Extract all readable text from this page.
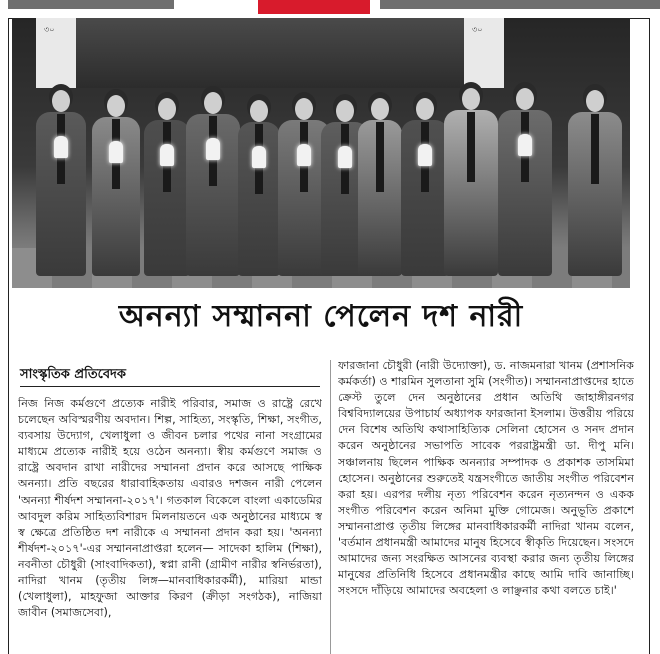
৩০	৩০
অনন্যা সম্মাননা পেলেন দশ নারী
সাংস্কৃতিক প্রতিবেদক

নিজ নিজ কর্মগুণে প্রত্যেক নারীই পরিবার, সমাজ ও রাষ্ট্রে রেখে চলেছেন অবিস্মরণীয় অবদান। শিল্প, সাহিত্য, সংস্কৃতি, শিক্ষা, সংগীত, ব্যবসায় উদ্যোগ, খেলাধুলা ও জীবন চলার পথের নানা সংগ্রামের মাধ্যমে প্রত্যেক নারীই হয়ে ওঠেন অনন্যা। স্বীয় কর্মগুণে সমাজ ও রাষ্ট্রে অবদান রাখা নারীদের সম্মাননা প্রদান করে আসছে পাক্ষিক অনন্যা। প্রতি বছরের ধারাবাহিকতায় এবারও দশজন নারী পেলেন 'অনন্যা শীর্ষদশ সম্মাননা-২০১৭'। গতকাল বিকেলে বাংলা একাডেমির আবদুল করিম সাহিত্যবিশারদ মিলনায়তনে এক অনুষ্ঠানের মাধ্যমে স্ব স্ব ক্ষেত্রে প্রতিষ্ঠিত দশ নারীকে এ সম্মাননা প্রদান করা হয়। 'অনন্যা শীর্ষদশ-২০১৭'-এর সম্মাননাপ্রাপ্তরা হলেন— সাদেকা হালিম (শিক্ষা), নবনীতা চৌধুরী (সাংবাদিকতা), স্বপ্না রানী (গ্রামীণ নারীর স্বনির্ভরতা), নাদিরা খানম (তৃতীয় লিঙ্গ—মানবাধিকারকর্মী), মারিয়া মান্ডা (খেলাধুলা), মাহফুজা আক্তার কিরণ (ক্রীড়া সংগঠক), নাজিয়া জাবীন (সমাজসেবা),

ফারজানা চৌধুরী (নারী উদ্যোক্তা), ড. নাজমনারা খানম (প্রশাসনিক কর্মকর্তা) ও শারমিন সুলতানা সুমি (সংগীত)। সম্মাননাপ্রাপ্তদের হাতে ক্রেস্ট তুলে দেন অনুষ্ঠানের প্রধান অতিথি জাহাঙ্গীরনগর বিশ্ববিদ্যালয়ের উপাচার্য অধ্যাপক ফারজানা ইসলাম। উত্তরীয় পরিয়ে দেন বিশেষ অতিথি কথাসাহিত্যিক সেলিনা হোসেন ও সনদ প্রদান করেন অনুষ্ঠানের সভাপতি সাবেক পররাষ্ট্রমন্ত্রী ডা. দীপু মনি। সঞ্চালনায় ছিলেন পাক্ষিক অনন্যার সম্পাদক ও প্রকাশক তাসমিমা হোসেন। অনুষ্ঠানের শুরুতেই যন্ত্রসংগীতে জাতীয় সংগীত পরিবেশন করা হয়। এরপর দলীয় নৃত্য পরিবেশন করেন নৃত্যনন্দন ও একক সংগীত পরিবেশন করেন অনিমা মুক্তি গোমেজ। অনুভূতি প্রকাশে সম্মাননাপ্রাপ্ত তৃতীয় লিঙ্গের মানবাধিকারকর্মী নাদিরা খানম বলেন, 'বর্তমান প্রধানমন্ত্রী আমাদের মানুষ হিসেবে স্বীকৃতি দিয়েছেন। সংসদে আমাদের জন্য সংরক্ষিত আসনের ব্যবস্থা করার জন্য তৃতীয় লিঙ্গের মানুষের প্রতিনিধি হিসেবে প্রধানমন্ত্রীর কাছে আমি দাবি জানাচ্ছি। সংসদে দাঁড়িয়ে আমাদের অবহেলা ও লাঞ্ছনার কথা বলতে চাই।'
